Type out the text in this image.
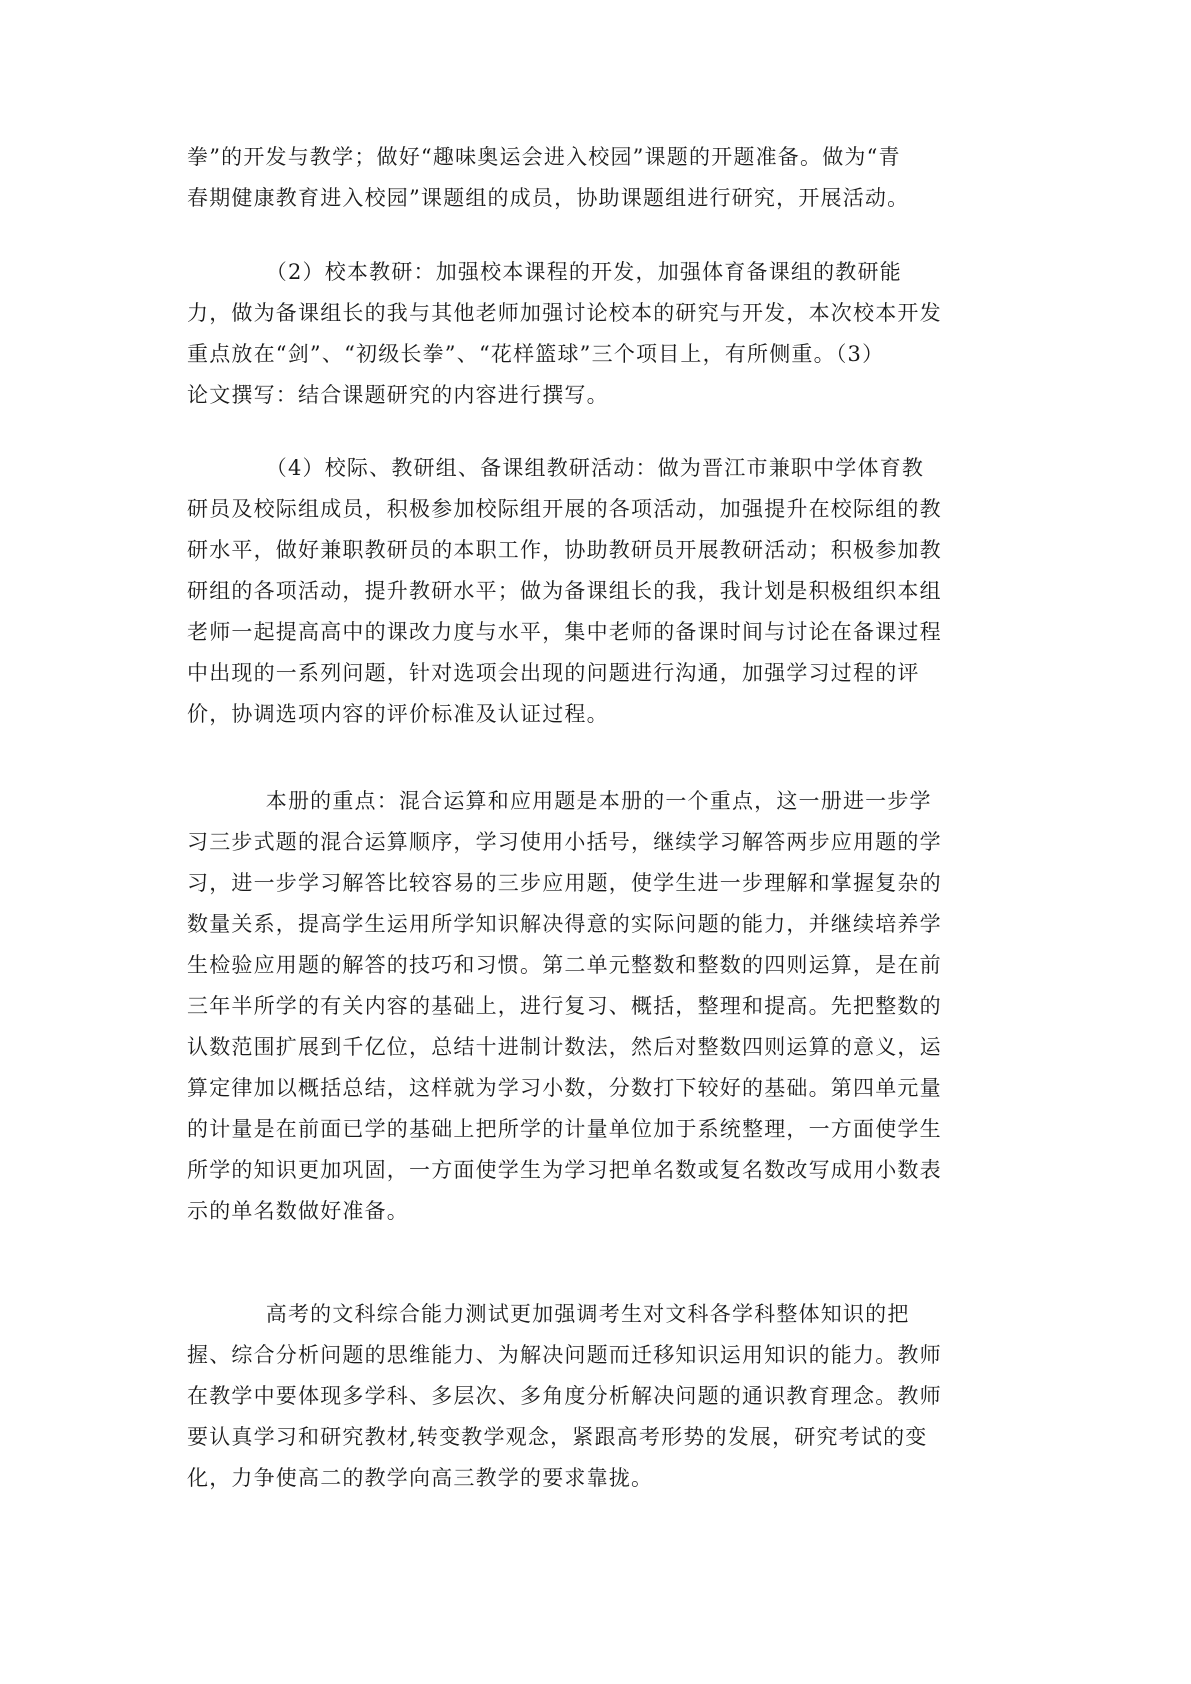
拳”的开发与教学；做好“趣味奥运会进入校园”课题的开题准备。做为“青
春期健康教育进入校园”课题组的成员，协助课题组进行研究，开展活动。
（2）校本教研：加强校本课程的开发，加强体育备课组的教研能
力，做为备课组长的我与其他老师加强讨论校本的研究与开发，本次校本开发
重点放在“剑”、“初级长拳”、“花样篮球”三个项目上，有所侧重。（3）
论文撰写：结合课题研究的内容进行撰写。
（4）校际、教研组、备课组教研活动：做为晋江市兼职中学体育教
研员及校际组成员，积极参加校际组开展的各项活动，加强提升在校际组的教
研水平，做好兼职教研员的本职工作，协助教研员开展教研活动；积极参加教
研组的各项活动，提升教研水平；做为备课组长的我，我计划是积极组织本组
老师一起提高高中的课改力度与水平，集中老师的备课时间与讨论在备课过程
中出现的一系列问题，针对选项会出现的问题进行沟通，加强学习过程的评
价，协调选项内容的评价标准及认证过程。
本册的重点：混合运算和应用题是本册的一个重点，这一册进一步学
习三步式题的混合运算顺序，学习使用小括号，继续学习解答两步应用题的学
习，进一步学习解答比较容易的三步应用题，使学生进一步理解和掌握复杂的
数量关系，提高学生运用所学知识解决得意的实际问题的能力，并继续培养学
生检验应用题的解答的技巧和习惯。第二单元整数和整数的四则运算，是在前
三年半所学的有关内容的基础上，进行复习、概括，整理和提高。先把整数的
认数范围扩展到千亿位，总结十进制计数法，然后对整数四则运算的意义，运
算定律加以概括总结，这样就为学习小数，分数打下较好的基础。第四单元量
的计量是在前面已学的基础上把所学的计量单位加于系统整理，一方面使学生
所学的知识更加巩固，一方面使学生为学习把单名数或复名数改写成用小数表
示的单名数做好准备。
高考的文科综合能力测试更加强调考生对文科各学科整体知识的把
握、综合分析问题的思维能力、为解决问题而迁移知识运用知识的能力。教师
在教学中要体现多学科、多层次、多角度分析解决问题的通识教育理念。教师
要认真学习和研究教材,转变教学观念，紧跟高考形势的发展，研究考试的变
化，力争使高二的教学向高三教学的要求靠拢。
